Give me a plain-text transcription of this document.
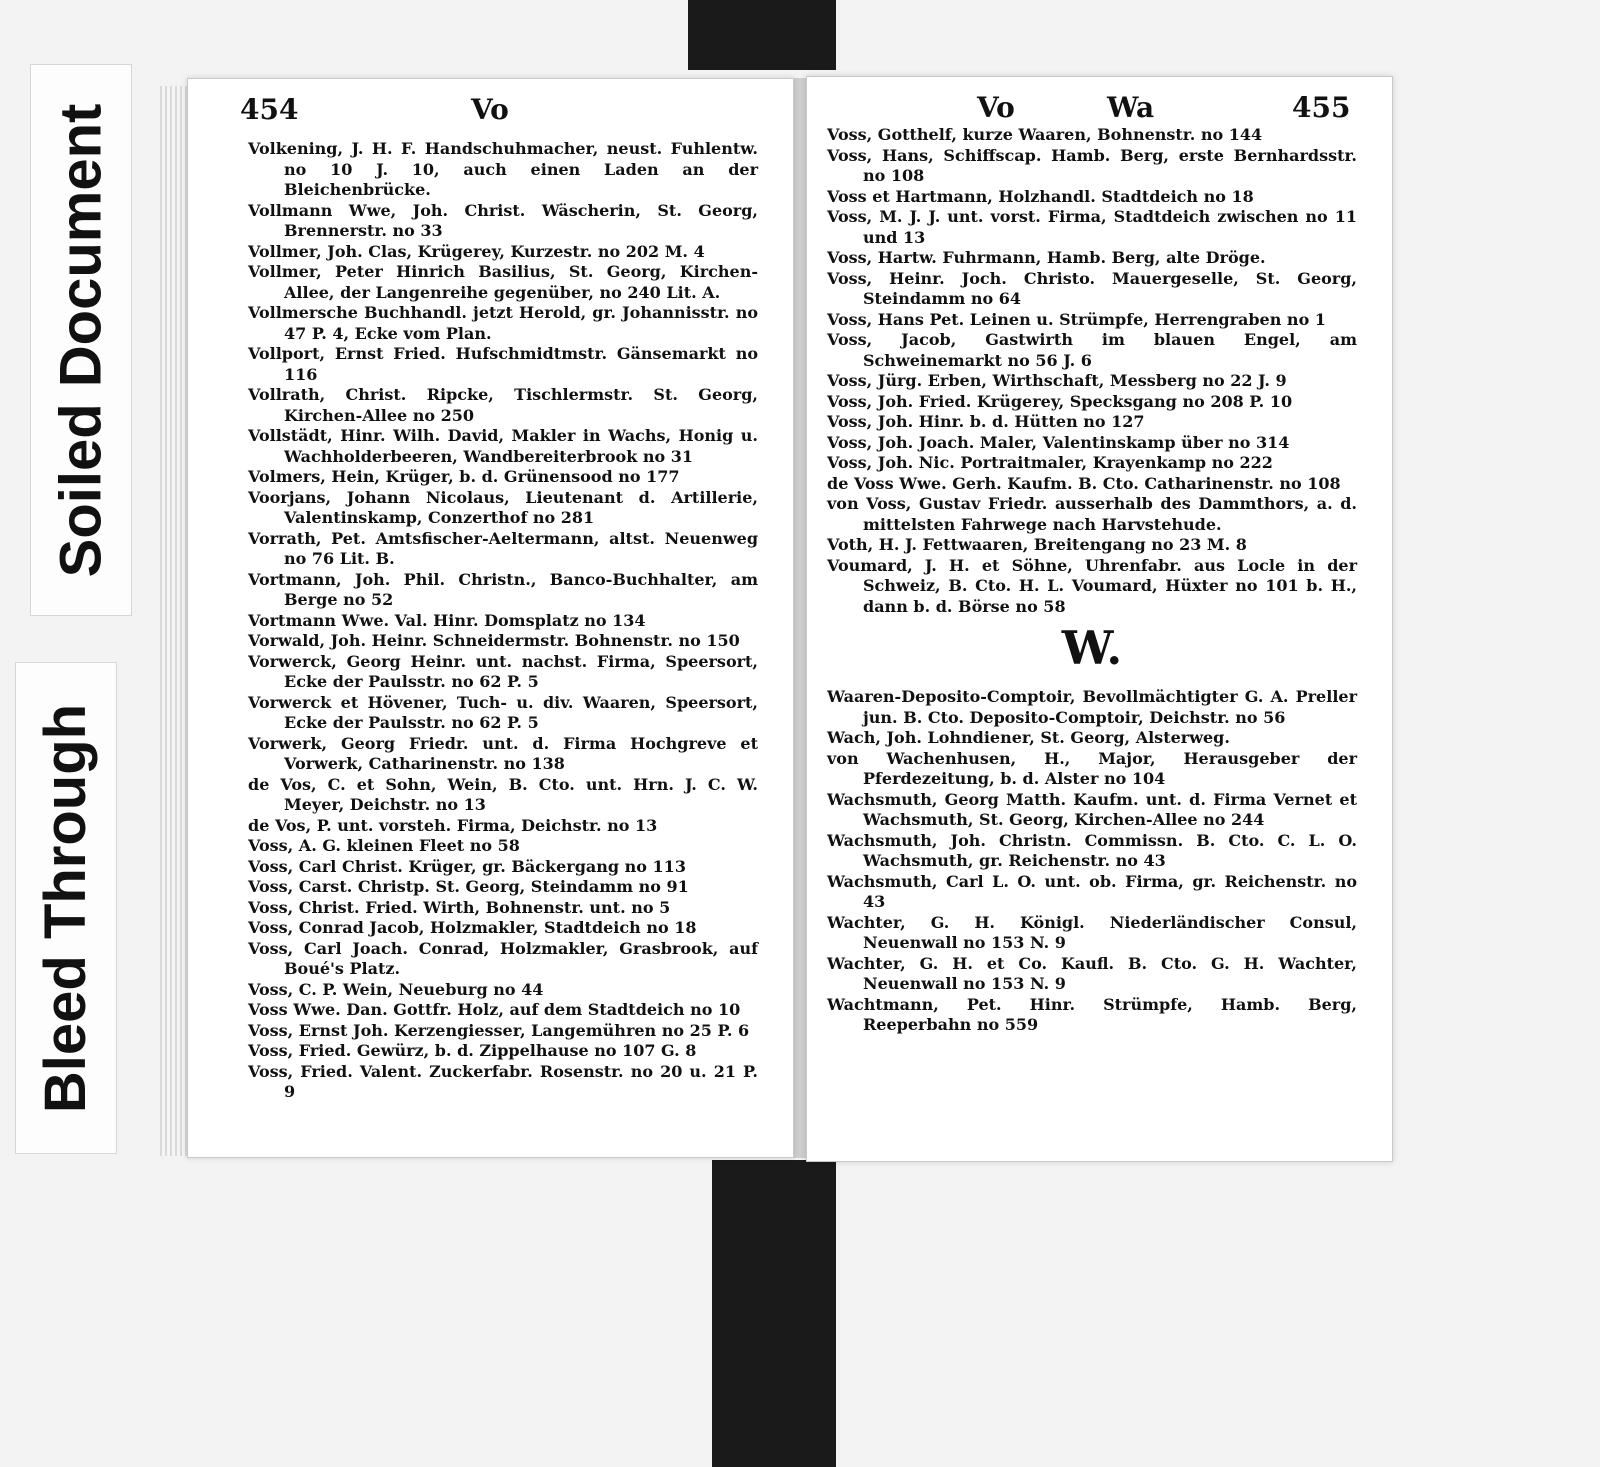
Soiled Document
Bleed Through
454	Vo

Volkening, J. H. F. Handschuhmacher, neust. Fuhlentw. no 10 J. 10, auch einen Laden an der Bleichenbrücke.

Vollmann Wwe, Joh. Christ. Wäscherin, St. Georg, Brennerstr. no 33

Vollmer, Joh. Clas, Krügerey, Kurzestr. no 202 M. 4

Vollmer, Peter Hinrich Basilius, St. Georg, Kirchen-Allee, der Langenreihe gegenüber, no 240 Lit. A.

Vollmersche Buchhandl. jetzt Herold, gr. Johannisstr. no 47 P. 4, Ecke vom Plan.

Vollport, Ernst Fried. Hufschmidtmstr. Gänsemarkt no 116

Vollrath, Christ. Ripcke, Tischlermstr. St. Georg, Kirchen-Allee no 250

Vollstädt, Hinr. Wilh. David, Makler in Wachs, Honig u. Wachholderbeeren, Wandbereiterbrook no 31

Volmers, Hein, Krüger, b. d. Grünensood no 177

Voorjans, Johann Nicolaus, Lieutenant d. Artillerie, Valentinskamp, Conzerthof no 281

Vorrath, Pet. Amtsfischer-Aeltermann, altst. Neuenweg no 76 Lit. B.

Vortmann, Joh. Phil. Christn., Banco-Buchhalter, am Berge no 52

Vortmann Wwe. Val. Hinr. Domsplatz no 134

Vorwald, Joh. Heinr. Schneidermstr. Bohnenstr. no 150

Vorwerck, Georg Heinr. unt. nachst. Firma, Speersort, Ecke der Paulsstr. no 62 P. 5

Vorwerck et Hövener, Tuch- u. div. Waaren, Speersort, Ecke der Paulsstr. no 62 P. 5

Vorwerk, Georg Friedr. unt. d. Firma Hochgreve et Vorwerk, Catharinenstr. no 138

de Vos, C. et Sohn, Wein, B. Cto. unt. Hrn. J. C. W. Meyer, Deichstr. no 13

de Vos, P. unt. vorsteh. Firma, Deichstr. no 13

Voss, A. G. kleinen Fleet no 58

Voss, Carl Christ. Krüger, gr. Bäckergang no 113

Voss, Carst. Christp. St. Georg, Steindamm no 91

Voss, Christ. Fried. Wirth, Bohnenstr. unt. no 5

Voss, Conrad Jacob, Holzmakler, Stadtdeich no 18

Voss, Carl Joach. Conrad, Holzmakler, Grasbrook, auf Boué's Platz.

Voss, C. P. Wein, Neueburg no 44

Voss Wwe. Dan. Gottfr. Holz, auf dem Stadtdeich no 10

Voss, Ernst Joh. Kerzengiesser, Langemühren no 25 P. 6

Voss, Fried. Gewürz, b. d. Zippelhause no 107 G. 8

Voss, Fried. Valent. Zuckerfabr. Rosenstr. no 20 u. 21 P. 9

Vo	Wa	455

Voss, Gotthelf, kurze Waaren, Bohnenstr. no 144

Voss, Hans, Schiffscap. Hamb. Berg, erste Bernhardsstr. no 108

Voss et Hartmann, Holzhandl. Stadtdeich no 18

Voss, M. J. J. unt. vorst. Firma, Stadtdeich zwischen no 11 und 13

Voss, Hartw. Fuhrmann, Hamb. Berg, alte Dröge.

Voss, Heinr. Joch. Christo. Mauergeselle, St. Georg, Steindamm no 64

Voss, Hans Pet. Leinen u. Strümpfe, Herrengraben no 1

Voss, Jacob, Gastwirth im blauen Engel, am Schweinemarkt no 56 J. 6

Voss, Jürg. Erben, Wirthschaft, Messberg no 22 J. 9

Voss, Joh. Fried. Krügerey, Specksgang no 208 P. 10

Voss, Joh. Hinr. b. d. Hütten no 127

Voss, Joh. Joach. Maler, Valentinskamp über no 314

Voss, Joh. Nic. Portraitmaler, Krayenkamp no 222

de Voss Wwe. Gerh. Kaufm. B. Cto. Catharinenstr. no 108

von Voss, Gustav Friedr. ausserhalb des Dammthors, a. d. mittelsten Fahrwege nach Harvstehude.

Voth, H. J. Fettwaaren, Breitengang no 23 M. 8

Voumard, J. H. et Söhne, Uhrenfabr. aus Locle in der Schweiz, B. Cto. H. L. Voumard, Hüxter no 101 b. H., dann b. d. Börse no 58

W.

Waaren-Deposito-Comptoir, Bevollmächtigter G. A. Preller jun. B. Cto. Deposito-Comptoir, Deichstr. no 56

Wach, Joh. Lohndiener, St. Georg, Alsterweg.

von Wachenhusen, H., Major, Herausgeber der Pferdezeitung, b. d. Alster no 104

Wachsmuth, Georg Matth. Kaufm. unt. d. Firma Vernet et Wachsmuth, St. Georg, Kirchen-Allee no 244

Wachsmuth, Joh. Christn. Commissn. B. Cto. C. L. O. Wachsmuth, gr. Reichenstr. no 43

Wachsmuth, Carl L. O. unt. ob. Firma, gr. Reichenstr. no 43

Wachter, G. H. Königl. Niederländischer Consul, Neuenwall no 153 N. 9

Wachter, G. H. et Co. Kaufl. B. Cto. G. H. Wachter, Neuenwall no 153 N. 9

Wachtmann, Pet. Hinr. Strümpfe, Hamb. Berg, Reeperbahn no 559
